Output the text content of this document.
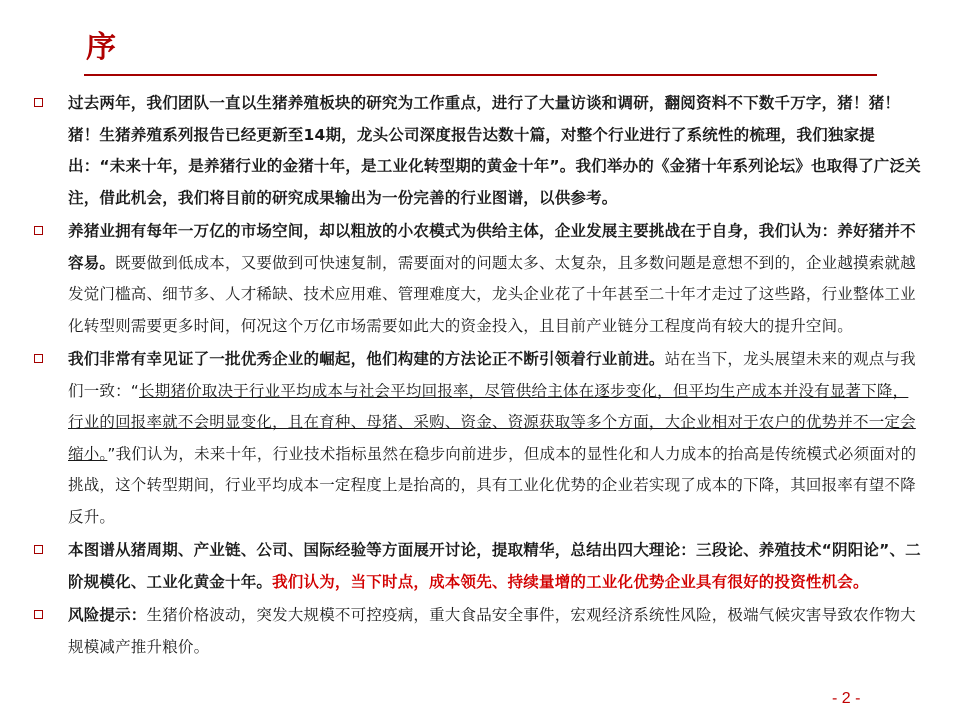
序
过去两年，我们团队一直以生猪养殖板块的研究为工作重点，进行了大量访谈和调研，翻阅资料不下数千万字，猪！猪！猪！生猪养殖系列报告已经更新至14期，龙头公司深度报告达数十篇，对整个行业进行了系统性的梳理，我们独家提出：“未来十年，是养猪行业的金猪十年，是工业化转型期的黄金十年”。我们举办的《金猪十年系列论坛》也取得了广泛关注，借此机会，我们将目前的研究成果输出为一份完善的行业图谱，以供参考。
养猪业拥有每年一万亿的市场空间，却以粗放的小农模式为供给主体，企业发展主要挑战在于自身，我们认为：养好猪并不容易。既要做到低成本，又要做到可快速复制，需要面对的问题太多、太复杂，且多数问题是意想不到的，企业越摸索就越发觉门槛高、细节多、人才稀缺、技术应用难、管理难度大，龙头企业花了十年甚至二十年才走过了这些路，行业整体工业化转型则需要更多时间，何况这个万亿市场需要如此大的资金投入，且目前产业链分工程度尚有较大的提升空间。
我们非常有幸见证了一批优秀企业的崛起，他们构建的方法论正不断引领着行业前进。站在当下，龙头展望未来的观点与我们一致：“长期猪价取决于行业平均成本与社会平均回报率，尽管供给主体在逐步变化，但平均生产成本并没有显著下降，行业的回报率就不会明显变化，且在育种、母猪、采购、资金、资源获取等多个方面，大企业相对于农户的优势并不一定会缩小。”我们认为，未来十年，行业技术指标虽然在稳步向前进步，但成本的显性化和人力成本的抬高是传统模式必须面对的挑战，这个转型期间，行业平均成本一定程度上是抬高的，具有工业化优势的企业若实现了成本的下降，其回报率有望不降反升。
本图谱从猪周期、产业链、公司、国际经验等方面展开讨论，提取精华，总结出四大理论：三段论、养殖技术“阴阳论”、二阶规模化、工业化黄金十年。我们认为，当下时点，成本领先、持续量增的工业化优势企业具有很好的投资性机会。
风险提示：生猪价格波动，突发大规模不可控疫病，重大食品安全事件，宏观经济系统性风险，极端气候灾害导致农作物大规模减产推升粮价。
- 2 -
